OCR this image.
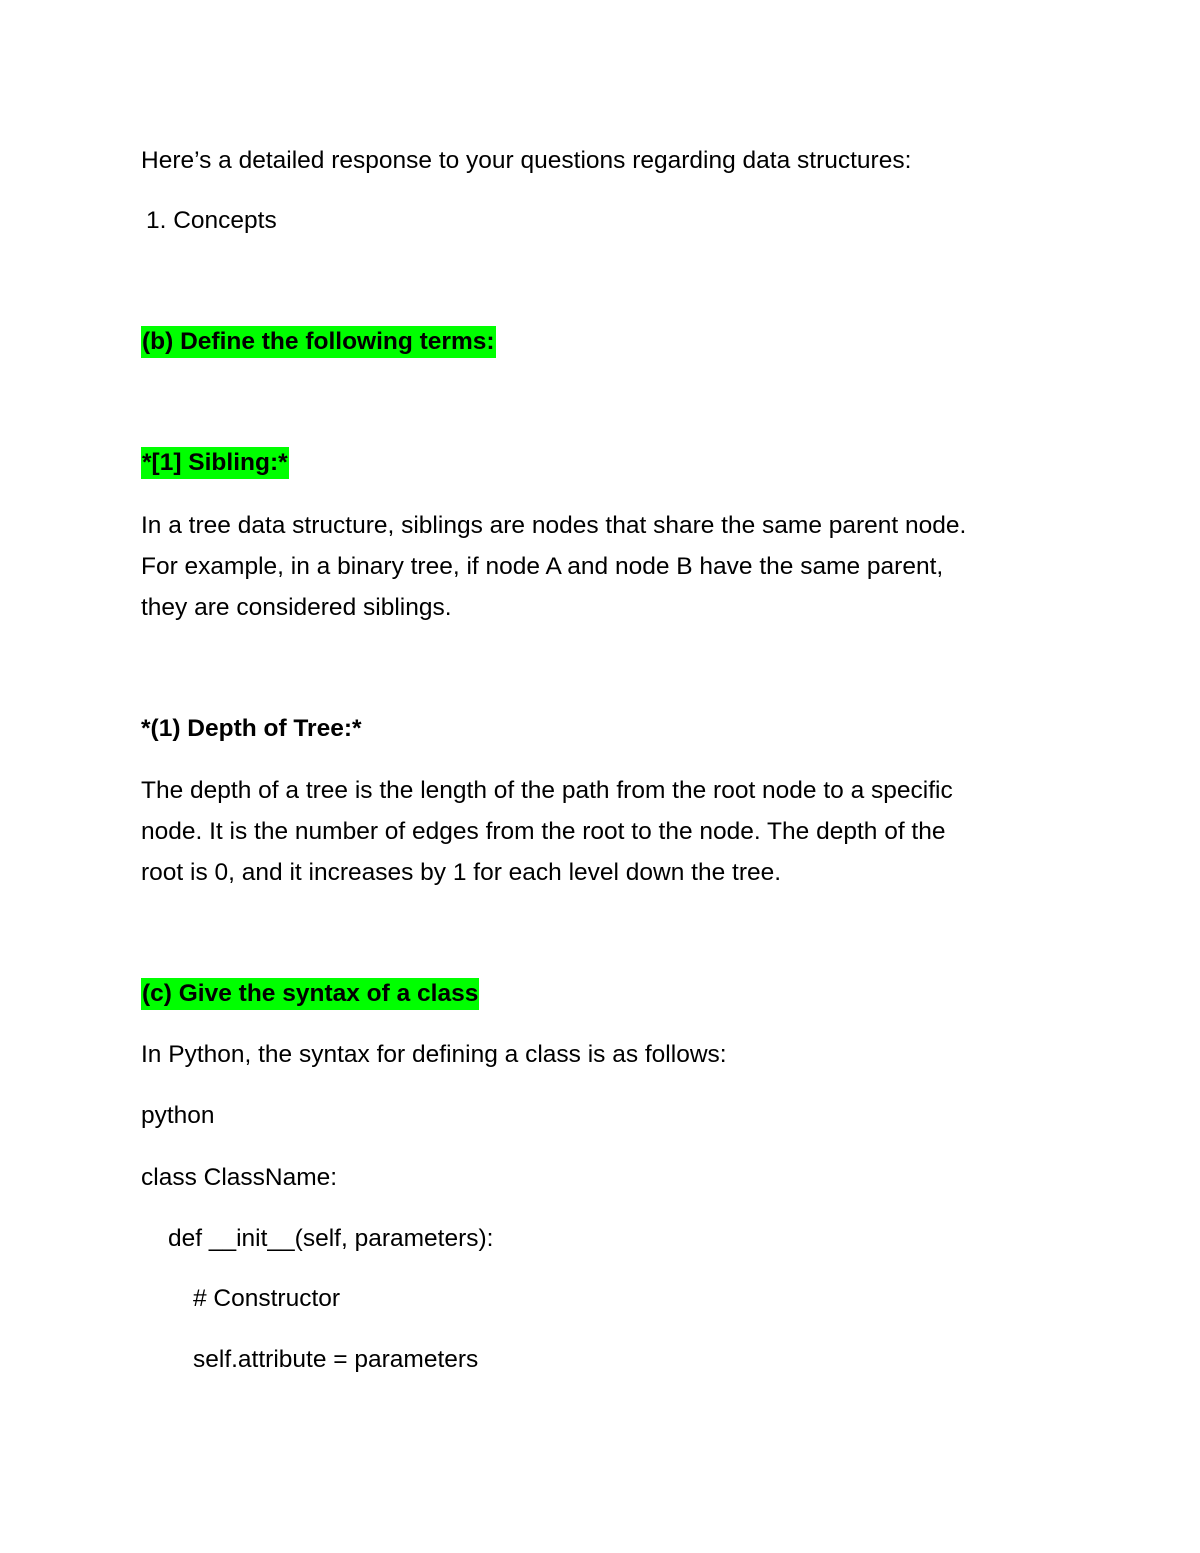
Here’s a detailed response to your questions regarding data structures:
1. Concepts
(b) Define the following terms:
*[1] Sibling:*
In a tree data structure, siblings are nodes that share the same parent node.
For example, in a binary tree, if node A and node B have the same parent,
they are considered siblings.
*(1) Depth of Tree:*
The depth of a tree is the length of the path from the root node to a specific
node. It is the number of edges from the root to the node. The depth of the
root is 0, and it increases by 1 for each level down the tree.
(c) Give the syntax of a class
In Python, the syntax for defining a class is as follows:
python
class ClassName:
def __init__(self, parameters):
# Constructor
self.attribute = parameters
